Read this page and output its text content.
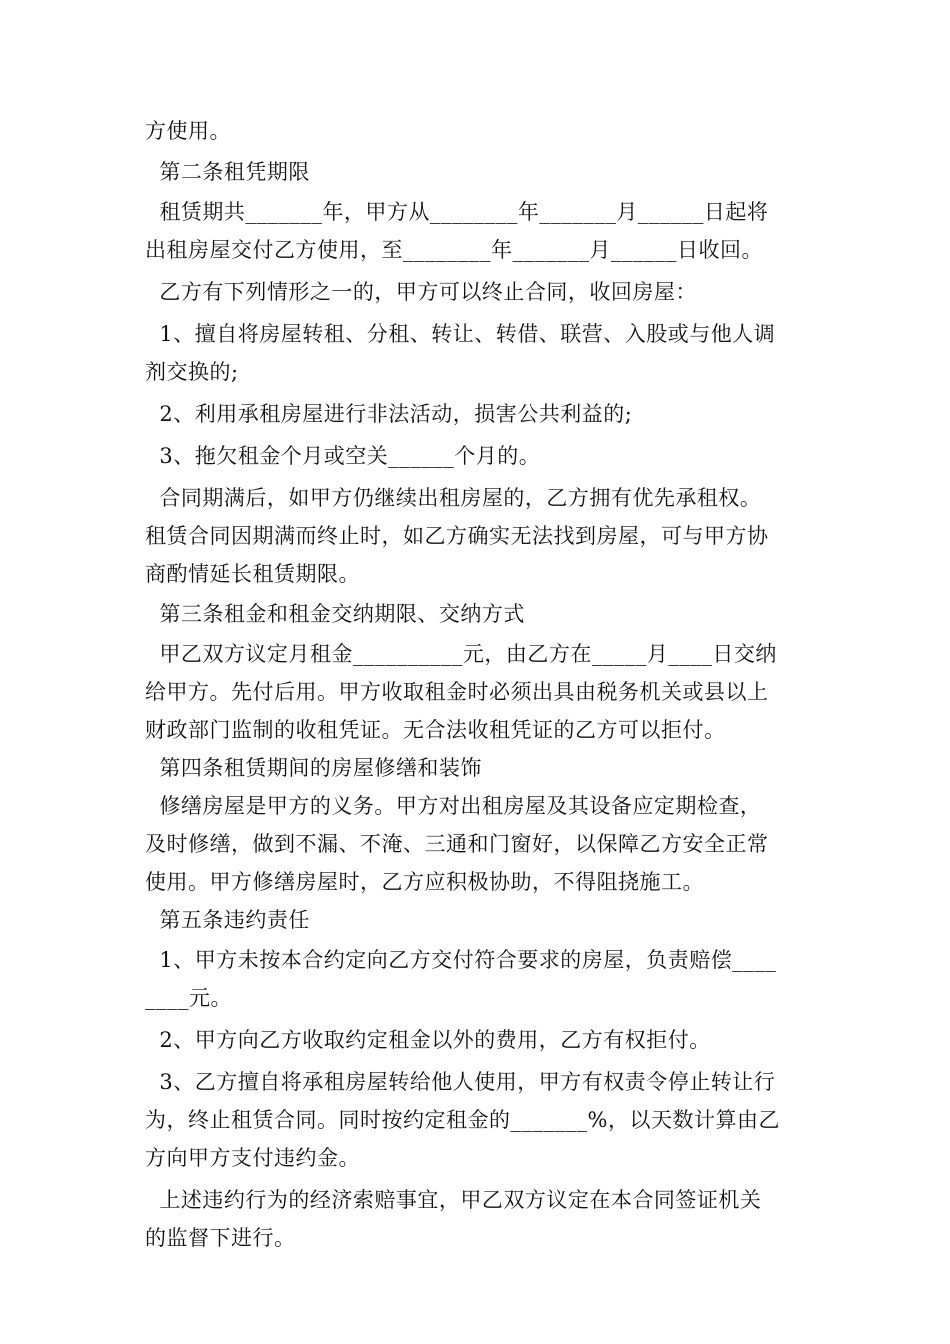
方使用。

第二条租凭期限

租赁期共_______年，甲方从________年_______月______日起将

出租房屋交付乙方使用，至________年_______月______日收回。

乙方有下列情形之一的，甲方可以终止合同，收回房屋：

1、擅自将房屋转租、分租、转让、转借、联营、入股或与他人调

剂交换的;

2、利用承租房屋进行非法活动，损害公共利益的;

3、拖欠租金个月或空关______个月的。

合同期满后，如甲方仍继续出租房屋的，乙方拥有优先承租权。

租赁合同因期满而终止时，如乙方确实无法找到房屋，可与甲方协

商酌情延长租赁期限。

第三条租金和租金交纳期限、交纳方式

甲乙双方议定月租金__________元，由乙方在_____月____日交纳

给甲方。先付后用。甲方收取租金时必须出具由税务机关或县以上

财政部门监制的收租凭证。无合法收租凭证的乙方可以拒付。

第四条租赁期间的房屋修缮和装饰

修缮房屋是甲方的义务。甲方对出租房屋及其设备应定期检查，

及时修缮，做到不漏、不淹、三通和门窗好，以保障乙方安全正常

使用。甲方修缮房屋时，乙方应积极协助，不得阻挠施工。

第五条违约责任

1、甲方未按本合约定向乙方交付符合要求的房屋，负责赔偿____

____元。

2、甲方向乙方收取约定租金以外的费用，乙方有权拒付。

3、乙方擅自将承租房屋转给他人使用，甲方有权责令停止转让行

为，终止租赁合同。同时按约定租金的_______%，以天数计算由乙

方向甲方支付违约金。

上述违约行为的经济索赔事宜，甲乙双方议定在本合同签证机关

的监督下进行。
